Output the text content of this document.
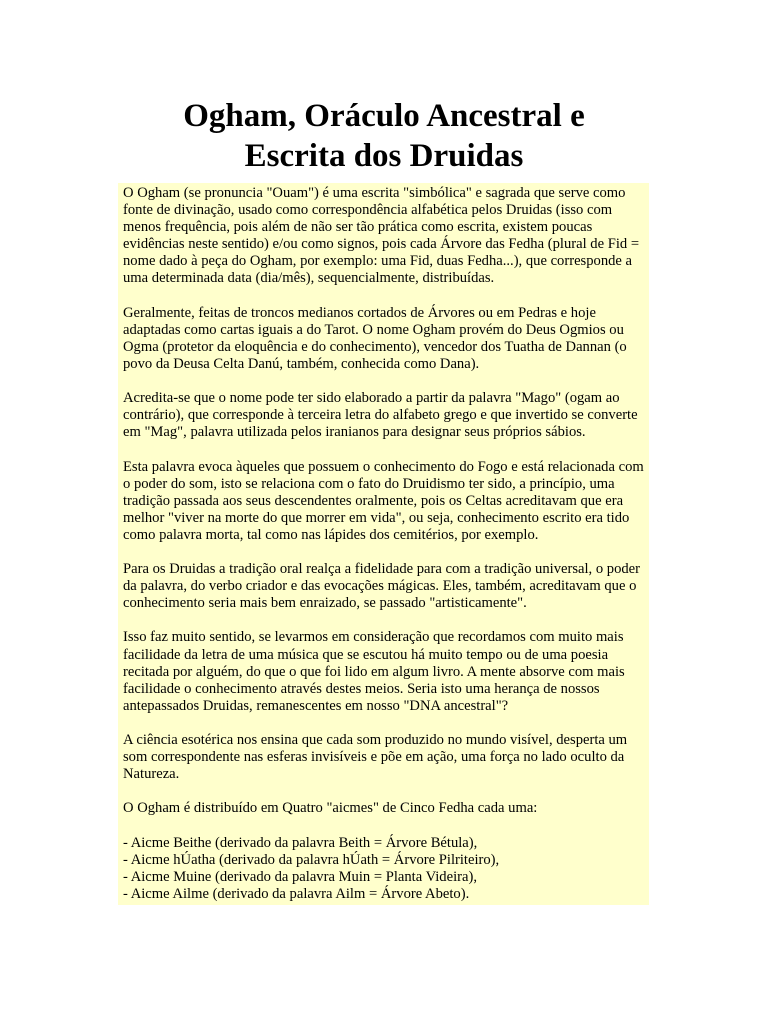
Ogham, Oráculo Ancestral e
Escrita dos Druidas

O Ogham (se pronuncia "Ouam") é uma escrita "simbólica" e sagrada que serve como fonte de divinação, usado como correspondência alfabética pelos Druidas (isso com menos frequência, pois além de não ser tão prática como escrita, existem poucas evidências neste sentido) e/ou como signos, pois cada Árvore das Fedha (plural de Fid = nome dado à peça do Ogham, por exemplo: uma Fid, duas Fedha...), que corresponde a uma determinada data (dia/mês), sequencialmente, distribuídas.

Geralmente, feitas de troncos medianos cortados de Árvores ou em Pedras e hoje adaptadas como cartas iguais a do Tarot. O nome Ogham provém do Deus Ogmios ou Ogma (protetor da eloquência e do conhecimento), vencedor dos Tuatha de Dannan (o povo da Deusa Celta Danú, também, conhecida como Dana).

Acredita-se que o nome pode ter sido elaborado a partir da palavra "Mago" (ogam ao contrário), que corresponde à terceira letra do alfabeto grego e que invertido se converte em "Mag", palavra utilizada pelos iranianos para designar seus próprios sábios.

Esta palavra evoca àqueles que possuem o conhecimento do Fogo e está relacionada com o poder do som, isto se relaciona com o fato do Druidismo ter sido, a princípio, uma tradição passada aos seus descendentes oralmente, pois os Celtas acreditavam que era melhor "viver na morte do que morrer em vida", ou seja, conhecimento escrito era tido como palavra morta, tal como nas lápides dos cemitérios, por exemplo.

Para os Druidas a tradição oral realça a fidelidade para com a tradição universal, o poder da palavra, do verbo criador e das evocações mágicas. Eles, também, acreditavam que o conhecimento seria mais bem enraizado, se passado "artisticamente".

Isso faz muito sentido, se levarmos em consideração que recordamos com muito mais facilidade da letra de uma música que se escutou há muito tempo ou de uma poesia recitada por alguém, do que o que foi lido em algum livro. A mente absorve com mais facilidade o conhecimento através destes meios. Seria isto uma herança de nossos antepassados Druidas, remanescentes em nosso "DNA ancestral"?

A ciência esotérica nos ensina que cada som produzido no mundo visível, desperta um som correspondente nas esferas invisíveis e põe em ação, uma força no lado oculto da Natureza.

O Ogham é distribuído em Quatro "aicmes" de Cinco Fedha cada uma:

- Aicme Beithe (derivado da palavra Beith = Árvore Bétula),
- Aicme hÚatha (derivado da palavra hÚath = Árvore Pilriteiro),
- Aicme Muine (derivado da palavra Muin = Planta Videira),
- Aicme Ailme (derivado da palavra Ailm = Árvore Abeto).
